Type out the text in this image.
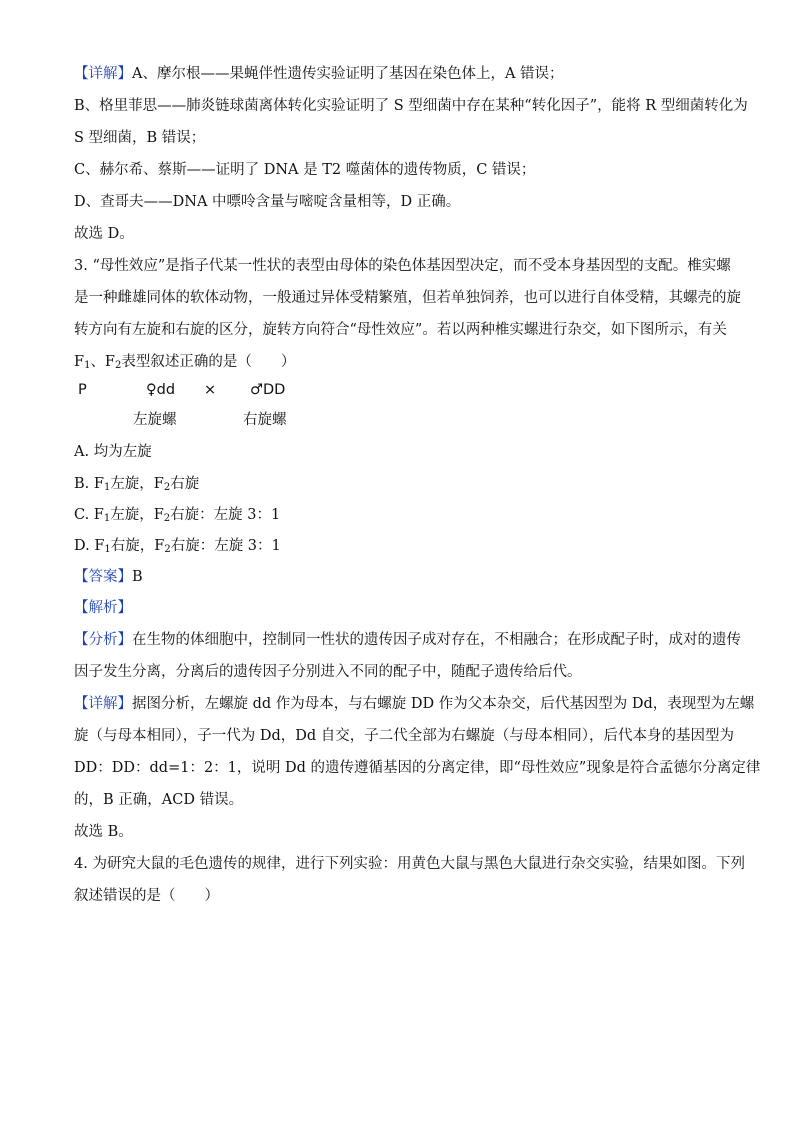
【详解】A、摩尔根——果蝇伴性遗传实验证明了基因在染色体上，A 错误；
B、格里菲思——肺炎链球菌离体转化实验证明了 S 型细菌中存在某种“转化因子”，能将 R 型细菌转化为
S 型细菌，B 错误；
C、赫尔希、蔡斯——证明了 DNA 是 T2 噬菌体的遗传物质，C 错误；
D、查哥夫——DNA 中嘌呤含量与嘧啶含量相等，D 正确。
故选 D。
3. “母性效应”是指子代某一性状的表型由母体的染色体基因型决定，而不受本身基因型的支配。椎实螺
是一种雌雄同体的软体动物，一般通过异体受精繁殖，但若单独饲养，也可以进行自体受精，其螺壳的旋
转方向有左旋和右旋的区分，旋转方向符合“母性效应”。若以两种椎实螺进行杂交，如下图所示，有关
$F_1$、$F_2$表型叙述正确的是（　　）
P	♀dd × ♂DD
左旋螺	右旋螺
A. 均为左旋
B. $F_1$左旋，$F_2$右旋
C. $F_1$左旋，$F_2$右旋：左旋 3：1
D. $F_1$右旋，$F_2$右旋：左旋 3：1
【答案】B
【解析】
【分析】在生物的体细胞中，控制同一性状的遗传因子成对存在，不相融合；在形成配子时，成对的遗传
因子发生分离，分离后的遗传因子分别进入不同的配子中，随配子遗传给后代。
【详解】据图分析，左螺旋 dd 作为母本，与右螺旋 DD 作为父本杂交，后代基因型为 Dd，表现型为左螺
旋（与母本相同），子一代为 Dd，Dd 自交，子二代全部为右螺旋（与母本相同），后代本身的基因型为
DD：DD：dd=1：2：1，说明 Dd 的遗传遵循基因的分离定律，即“母性效应”现象是符合孟德尔分离定律
的，B 正确，ACD 错误。
故选 B。
4. 为研究大鼠的毛色遗传的规律，进行下列实验：用黄色大鼠与黑色大鼠进行杂交实验，结果如图。下列
叙述错误的是（　　）
